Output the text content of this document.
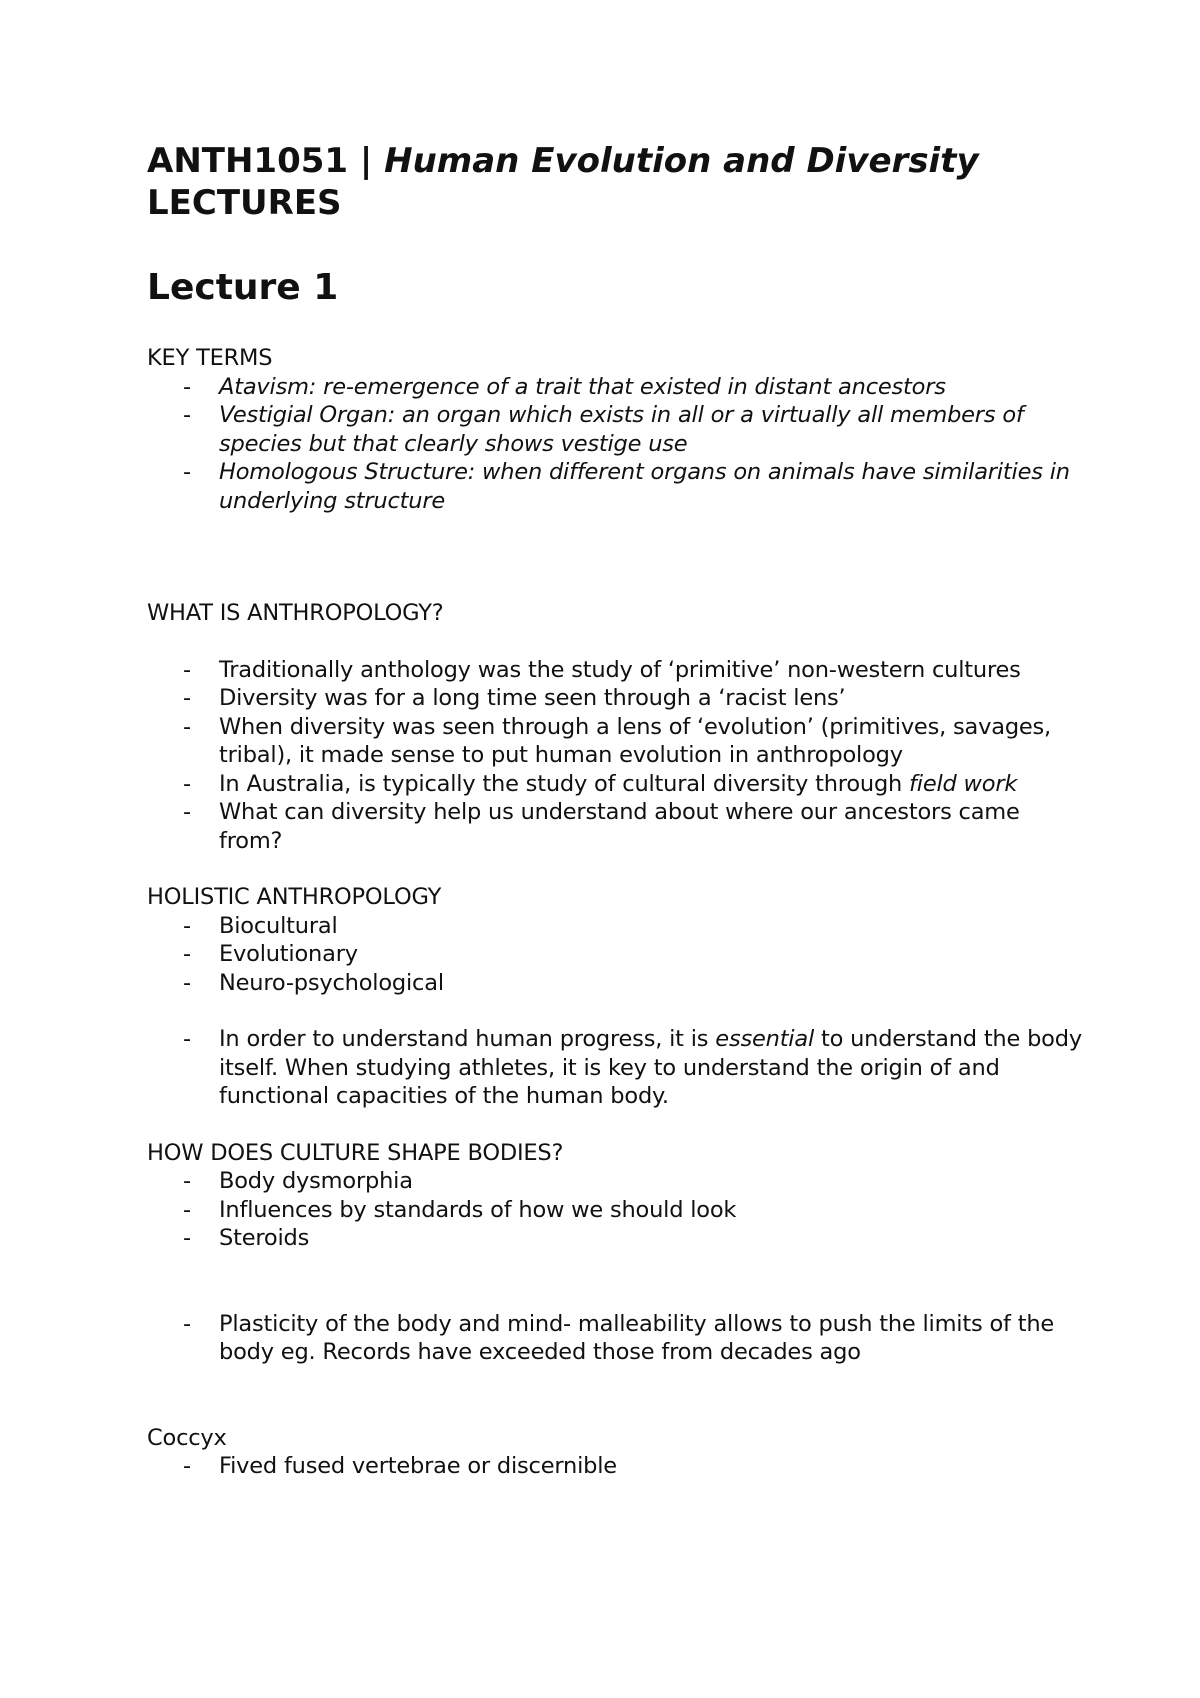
ANTH1051 | Human Evolution and Diversity
LECTURES
Lecture 1
KEY TERMS
- Atavism: re-emergence of a trait that existed in distant ancestors
- Vestigial Organ: an organ which exists in all or a virtually all members of species but that clearly shows vestige use
- Homologous Structure: when different organs on animals have similarities in underlying structure
WHAT IS ANTHROPOLOGY?
- Traditionally anthology was the study of ‘primitive’ non-western cultures
- Diversity was for a long time seen through a ‘racist lens’
- When diversity was seen through a lens of ‘evolution’ (primitives, savages, tribal), it made sense to put human evolution in anthropology
- In Australia, is typically the study of cultural diversity through field work
- What can diversity help us understand about where our ancestors came from?
HOLISTIC ANTHROPOLOGY
- Biocultural
- Evolutionary
- Neuro-psychological
- In order to understand human progress, it is essential to understand the body itself. When studying athletes, it is key to understand the origin of and functional capacities of the human body.
HOW DOES CULTURE SHAPE BODIES?
- Body dysmorphia
- Influences by standards of how we should look
- Steroids
- Plasticity of the body and mind- malleability allows to push the limits of the body eg. Records have exceeded those from decades ago
Coccyx
- Fived fused vertebrae or discernible
